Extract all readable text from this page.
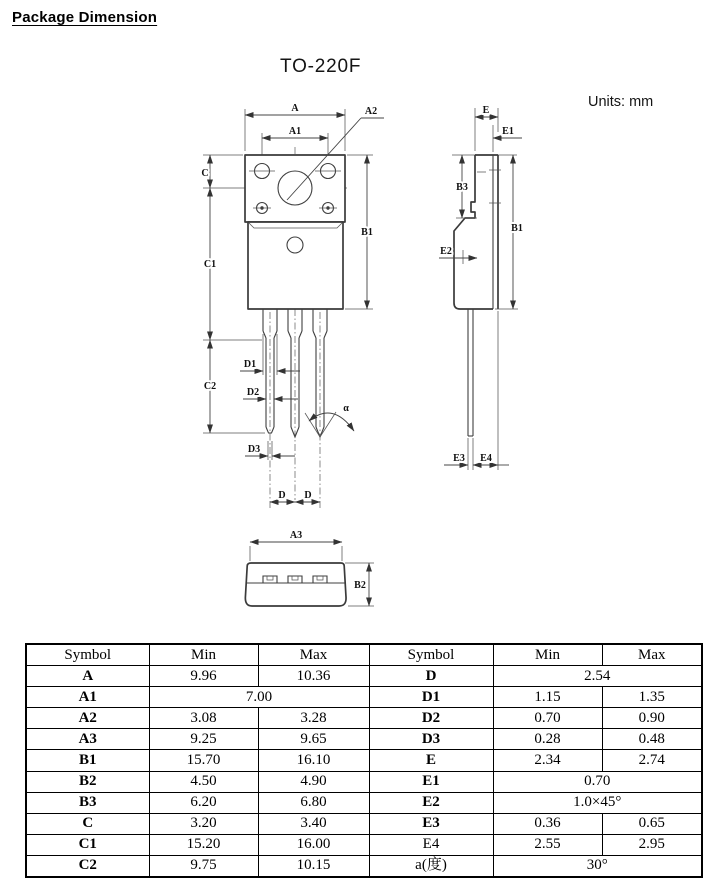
Package Dimension
TO-220F
Units: mm
A
A1
A2
C
C1
C2
B1
D1
D2
D3
α
D D
E
E1
B3
B1
E2
E3 E4
A3
B2
Symbol	Min	Max	Symbol	Min	Max
A	9.96	10.36	D	2.54	
A1	7.00		D1	1.15	1.35
A2	3.08	3.28	D2	0.70	0.90
A3	9.25	9.65	D3	0.28	0.48
B1	15.70	16.10	E	2.34	2.74
B2	4.50	4.90	E1	0.70	
B3	6.20	6.80	E2	1.0×45°	
C	3.20	3.40	E3	0.36	0.65
C1	15.20	16.00	E4	2.55	2.95
C2	9.75	10.15	a(度)	30°	
